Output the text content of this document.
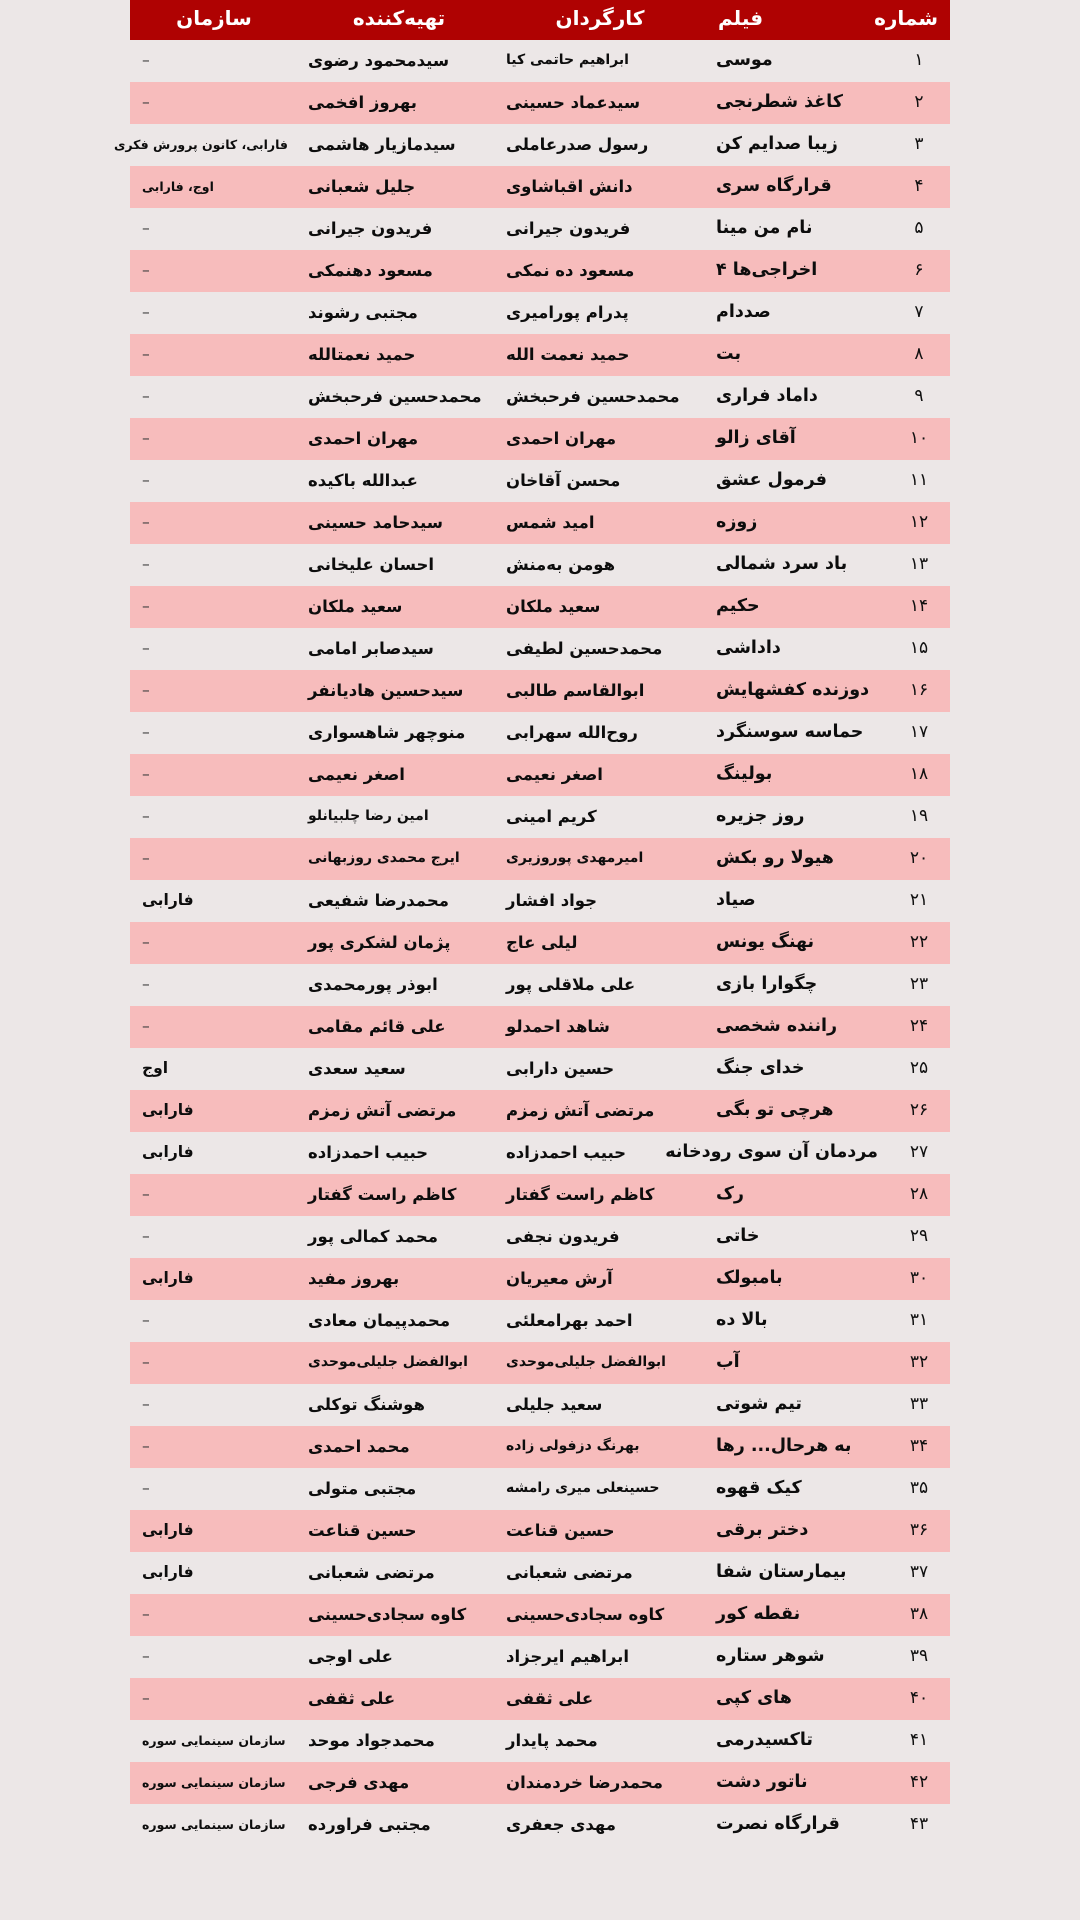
شماره	فیلم	کارگردان	تهیه‌کننده	سازمان
۱	موسی	ابراهیم حاتمی کیا	سیدمحمود رضوی	–
۲	کاغذ شطرنجی	سیدعماد حسینی	بهروز افخمی	–
۳	زیبا صدایم کن	رسول صدرعاملی	سیدمازیار هاشمی	فارابی، کانون پرورش فکری
۴	قرارگاه سری	دانش اقباشاوی	جلیل شعبانی	اوج، فارابی
۵	نام من مینا	فریدون جیرانی	فریدون جیرانی	–
۶	اخراجی‌ها ۴	مسعود ده نمکی	مسعود دهنمکی	–
۷	صددام	پدرام پورامیری	مجتبی رشوند	–
۸	بت	حمید نعمت الله	حمید نعمتالله	–
۹	داماد فراری	محمدحسین فرحبخش	محمدحسین فرحبخش	–
۱۰	آقای زالو	مهران احمدی	مهران احمدی	–
۱۱	فرمول عشق	محسن آقاخان	عبدالله باکیده	–
۱۲	زوزه	امید شمس	سیدحامد حسینی	–
۱۳	باد سرد شمالی	هومن به‌منش	احسان علیخانی	–
۱۴	حکیم	سعید ملکان	سعید ملکان	–
۱۵	داداشی	محمدحسین لطیفی	سیدصابر امامی	–
۱۶	دوزنده کفشهایش	ابوالقاسم طالبی	سیدحسین هادیانفر	–
۱۷	حماسه سوسنگرد	روح‌الله سهرابی	منوچهر شاهسواری	–
۱۸	بولینگ	اصغر نعیمی	اصغر نعیمی	–
۱۹	روز جزیره	کریم امینی	امین رضا چلبیانلو	–
۲۰	هیولا رو بکش	امیرمهدی پوروزیری	ایرج محمدی روزبهانی	–
۲۱	صیاد	جواد افشار	محمدرضا شفیعی	فارابی
۲۲	نهنگ یونس	لیلی عاج	پژمان لشکری پور	–
۲۳	چگوارا بازی	علی ملاقلی پور	ابوذر پورمحمدی	–
۲۴	راننده شخصی	شاهد احمدلو	علی قائم مقامی	–
۲۵	خدای جنگ	حسین دارابی	سعید سعدی	اوج
۲۶	هرچی تو بگی	مرتضی آتش زمزم	مرتضی آتش زمزم	فارابی
۲۷	مردمان آن سوی رودخانه	حبیب احمدزاده	حبیب احمدزاده	فارابی
۲۸	رک	کاظم راست گفتار	کاظم راست گفتار	–
۲۹	خاتی	فریدون نجفی	محمد کمالی پور	–
۳۰	بامبولک	آرش معیریان	بهروز مفید	فارابی
۳۱	بالا ده	احمد بهرامعلئی	محمدپیمان معادی	–
۳۲	آب	ابوالفضل جلیلی‌موحدی	ابوالفضل جلیلی‌موحدی	–
۳۳	تیم شوتی	سعید جلیلی	هوشنگ توکلی	–
۳۴	به هرحال... رها	بهرنگ دزفولی زاده	محمد احمدی	–
۳۵	کیک قهوه	حسینعلی میری رامشه	مجتبی متولی	–
۳۶	دختر برقی	حسین قناعت	حسین قناعت	فارابی
۳۷	بیمارستان شفا	مرتضی شعبانی	مرتضی شعبانی	فارابی
۳۸	نقطه کور	کاوه سجادی‌حسینی	کاوه سجادی‌حسینی	–
۳۹	شوهر ستاره	ابراهیم ایرجزاد	علی اوجی	–
۴۰	های کپی	علی ثقفی	علی ثقفی	–
۴۱	تاکسیدرمی	محمد پایدار	محمدجواد موحد	سازمان سینمایی سوره
۴۲	ناتور دشت	محمدرضا خردمندان	مهدی فرجی	سازمان سینمایی سوره
۴۳	قرارگاه نصرت	مهدی جعفری	مجتبی فراورده	سازمان سینمایی سوره
